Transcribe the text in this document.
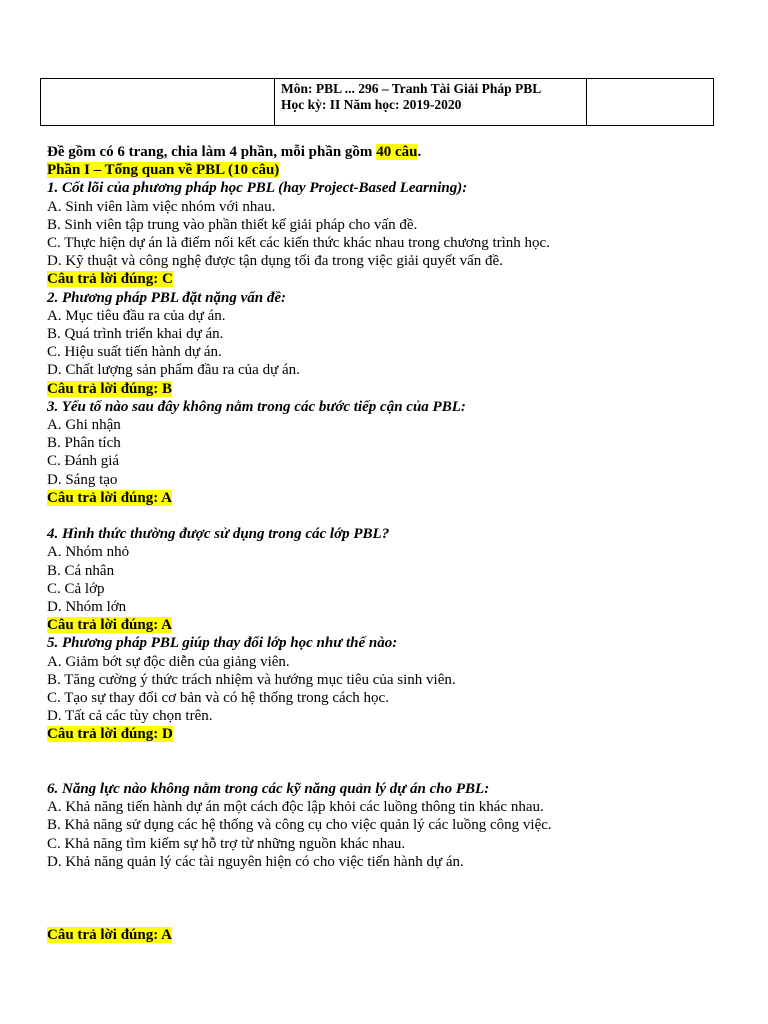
Môn: PBL ... 296 – Tranh Tài Giải Pháp PBL
Học kỳ: II Năm học: 2019-2020

Đề gồm có 6 trang, chia làm 4 phần, mỗi phần gồm 40 câu.
Phần I – Tổng quan về PBL (10 câu)
1. Cốt lõi của phương pháp học PBL (hay Project-Based Learning):
A. Sinh viên làm việc nhóm với nhau.
B. Sinh viên tập trung vào phần thiết kế giải pháp cho vấn đề.
C. Thực hiện dự án là điểm nối kết các kiến thức khác nhau trong chương trình học.
D. Kỹ thuật và công nghệ được tận dụng tối đa trong việc giải quyết vấn đề.
Câu trả lời đúng: C
2. Phương pháp PBL đặt nặng vấn đề:
A. Mục tiêu đầu ra của dự án.
B. Quá trình triển khai dự án.
C. Hiệu suất tiến hành dự án.
D. Chất lượng sản phẩm đầu ra của dự án.
Câu trả lời đúng: B
3. Yếu tố nào sau đây không nằm trong các bước tiếp cận của PBL:
A. Ghi nhận
B. Phân tích
C. Đánh giá
D. Sáng tạo
Câu trả lời đúng: A
4. Hình thức thường được sử dụng trong các lớp PBL?
A. Nhóm nhỏ
B. Cá nhân
C. Cả lớp
D. Nhóm lớn
Câu trả lời đúng: A
5. Phương pháp PBL giúp thay đổi lớp học như thế nào:
A. Giảm bớt sự độc diễn của giảng viên.
B. Tăng cường ý thức trách nhiệm và hướng mục tiêu của sinh viên.
C. Tạo sự thay đổi cơ bản và có hệ thống trong cách học.
D. Tất cả các tùy chọn trên.
Câu trả lời đúng: D
6. Năng lực nào không nằm trong các kỹ năng quản lý dự án cho PBL:
A. Khả năng tiến hành dự án một cách độc lập khỏi các luồng thông tin khác nhau.
B. Khả năng sử dụng các hệ thống và công cụ cho việc quản lý các luồng công việc.
C. Khả năng tìm kiếm sự hỗ trợ từ những nguồn khác nhau.
D. Khả năng quản lý các tài nguyên hiện có cho việc tiến hành dự án.
Câu trả lời đúng: A
